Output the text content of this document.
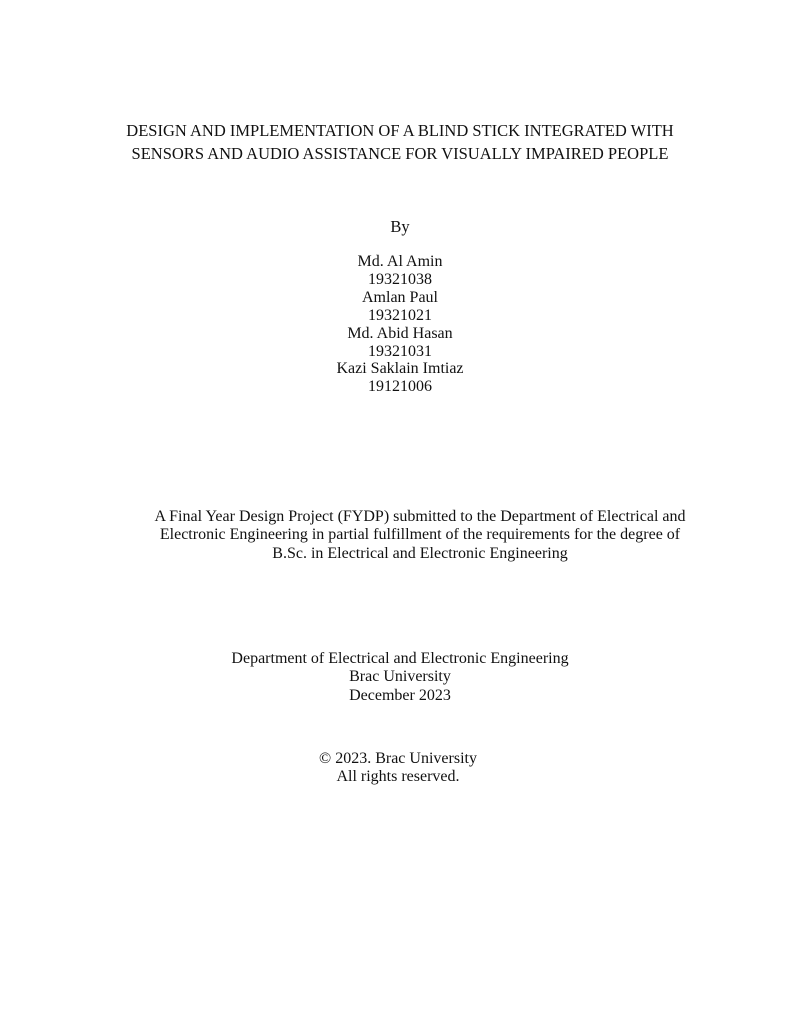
DESIGN AND IMPLEMENTATION OF A BLIND STICK INTEGRATED WITH
SENSORS AND AUDIO ASSISTANCE FOR VISUALLY IMPAIRED PEOPLE
By
Md. Al Amin
19321038
Amlan Paul
19321021
Md. Abid Hasan
19321031
Kazi Saklain Imtiaz
19121006
A Final Year Design Project (FYDP) submitted to the Department of Electrical and
Electronic Engineering in partial fulfillment of the requirements for the degree of
B.Sc. in Electrical and Electronic Engineering
Department of Electrical and Electronic Engineering
Brac University
December 2023
© 2023. Brac University
All rights reserved.
